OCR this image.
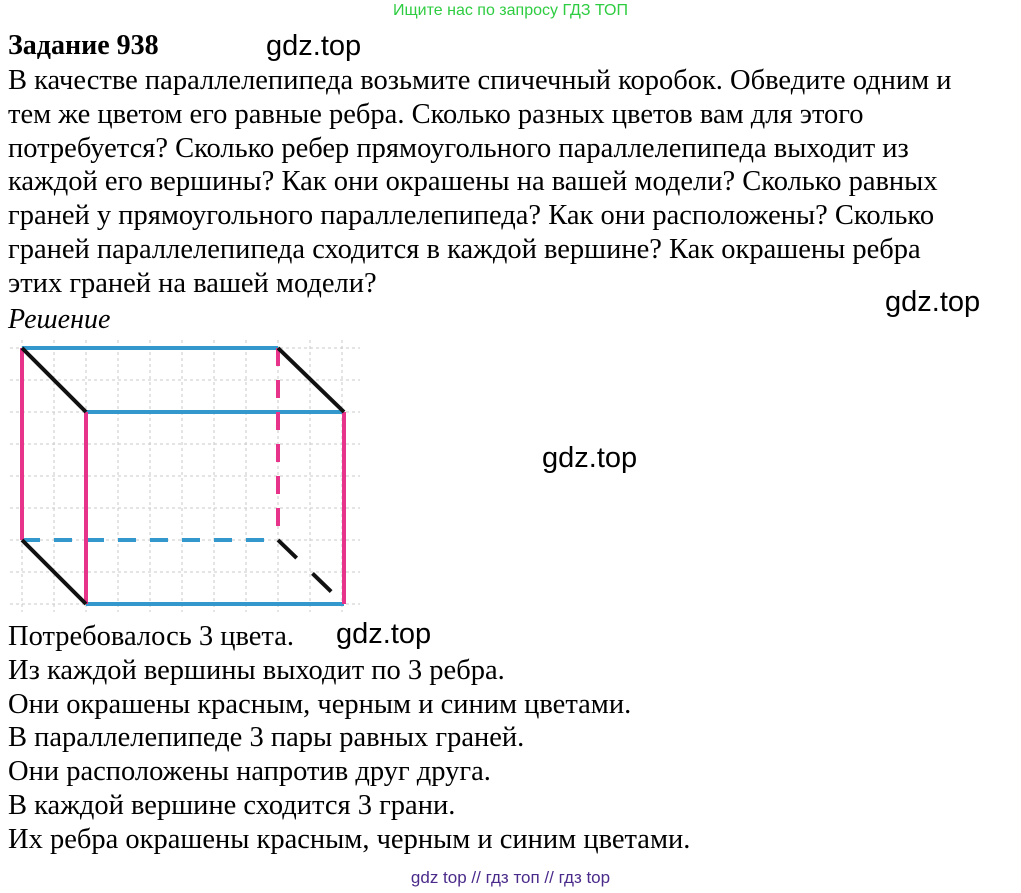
Ищите нас по запросу ГДЗ ТОП
Задание 938	gdz.top
В качестве параллелепипеда возьмите спичечный коробок. Обведите одним и
тем же цветом его равные ребра. Сколько разных цветов вам для этого
потребуется? Сколько ребер прямоугольного параллелепипеда выходит из
каждой его вершины? Как они окрашены на вашей модели? Сколько равных
граней у прямоугольного параллелепипеда? Как они расположены? Сколько
граней параллелепипеда сходится в каждой вершине? Как окрашены ребра
этих граней на вашей модели?
gdz.top
Решение
gdz.top
Потребовалось 3 цвета.
Из каждой вершины выходит по 3 ребра.
Они окрашены красным, черным и синим цветами.
В параллелепипеде 3 пары равных граней.
Они расположены напротив друг друга.
В каждой вершине сходится 3 грани.
Их ребра окрашены красным, черным и синим цветами.
gdz.top
gdz top // гдз топ // гдз top
